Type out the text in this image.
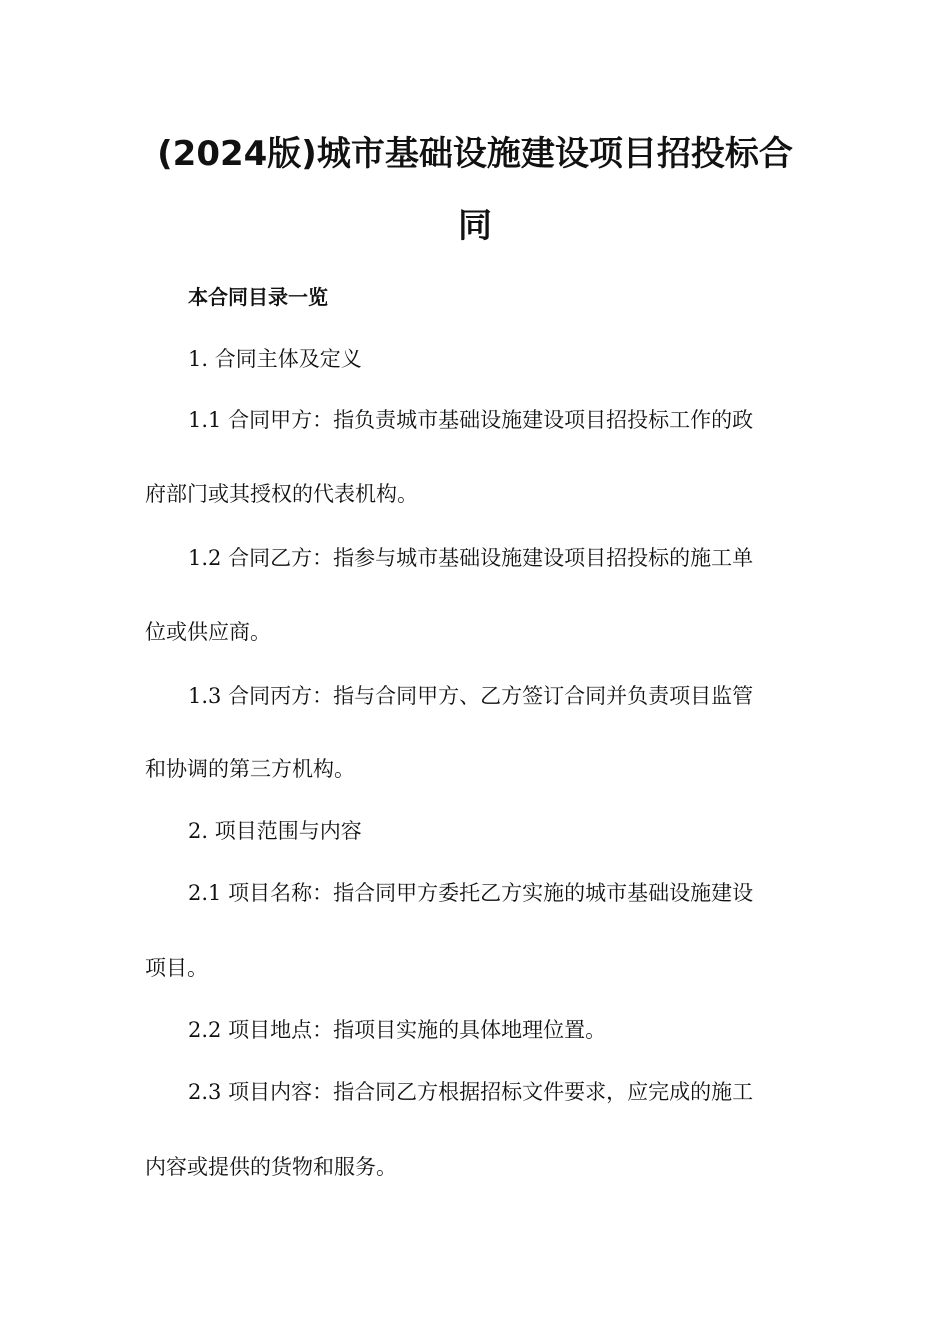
(2024版)城市基础设施建设项目招投标合
同

本合同目录一览

1. 合同主体及定义

1.1 合同甲方：指负责城市基础设施建设项目招投标工作的政

府部门或其授权的代表机构。

1.2 合同乙方：指参与城市基础设施建设项目招投标的施工单

位或供应商。

1.3 合同丙方：指与合同甲方、乙方签订合同并负责项目监管

和协调的第三方机构。

2. 项目范围与内容

2.1 项目名称：指合同甲方委托乙方实施的城市基础设施建设

项目。

2.2 项目地点：指项目实施的具体地理位置。

2.3 项目内容：指合同乙方根据招标文件要求，应完成的施工

内容或提供的货物和服务。
